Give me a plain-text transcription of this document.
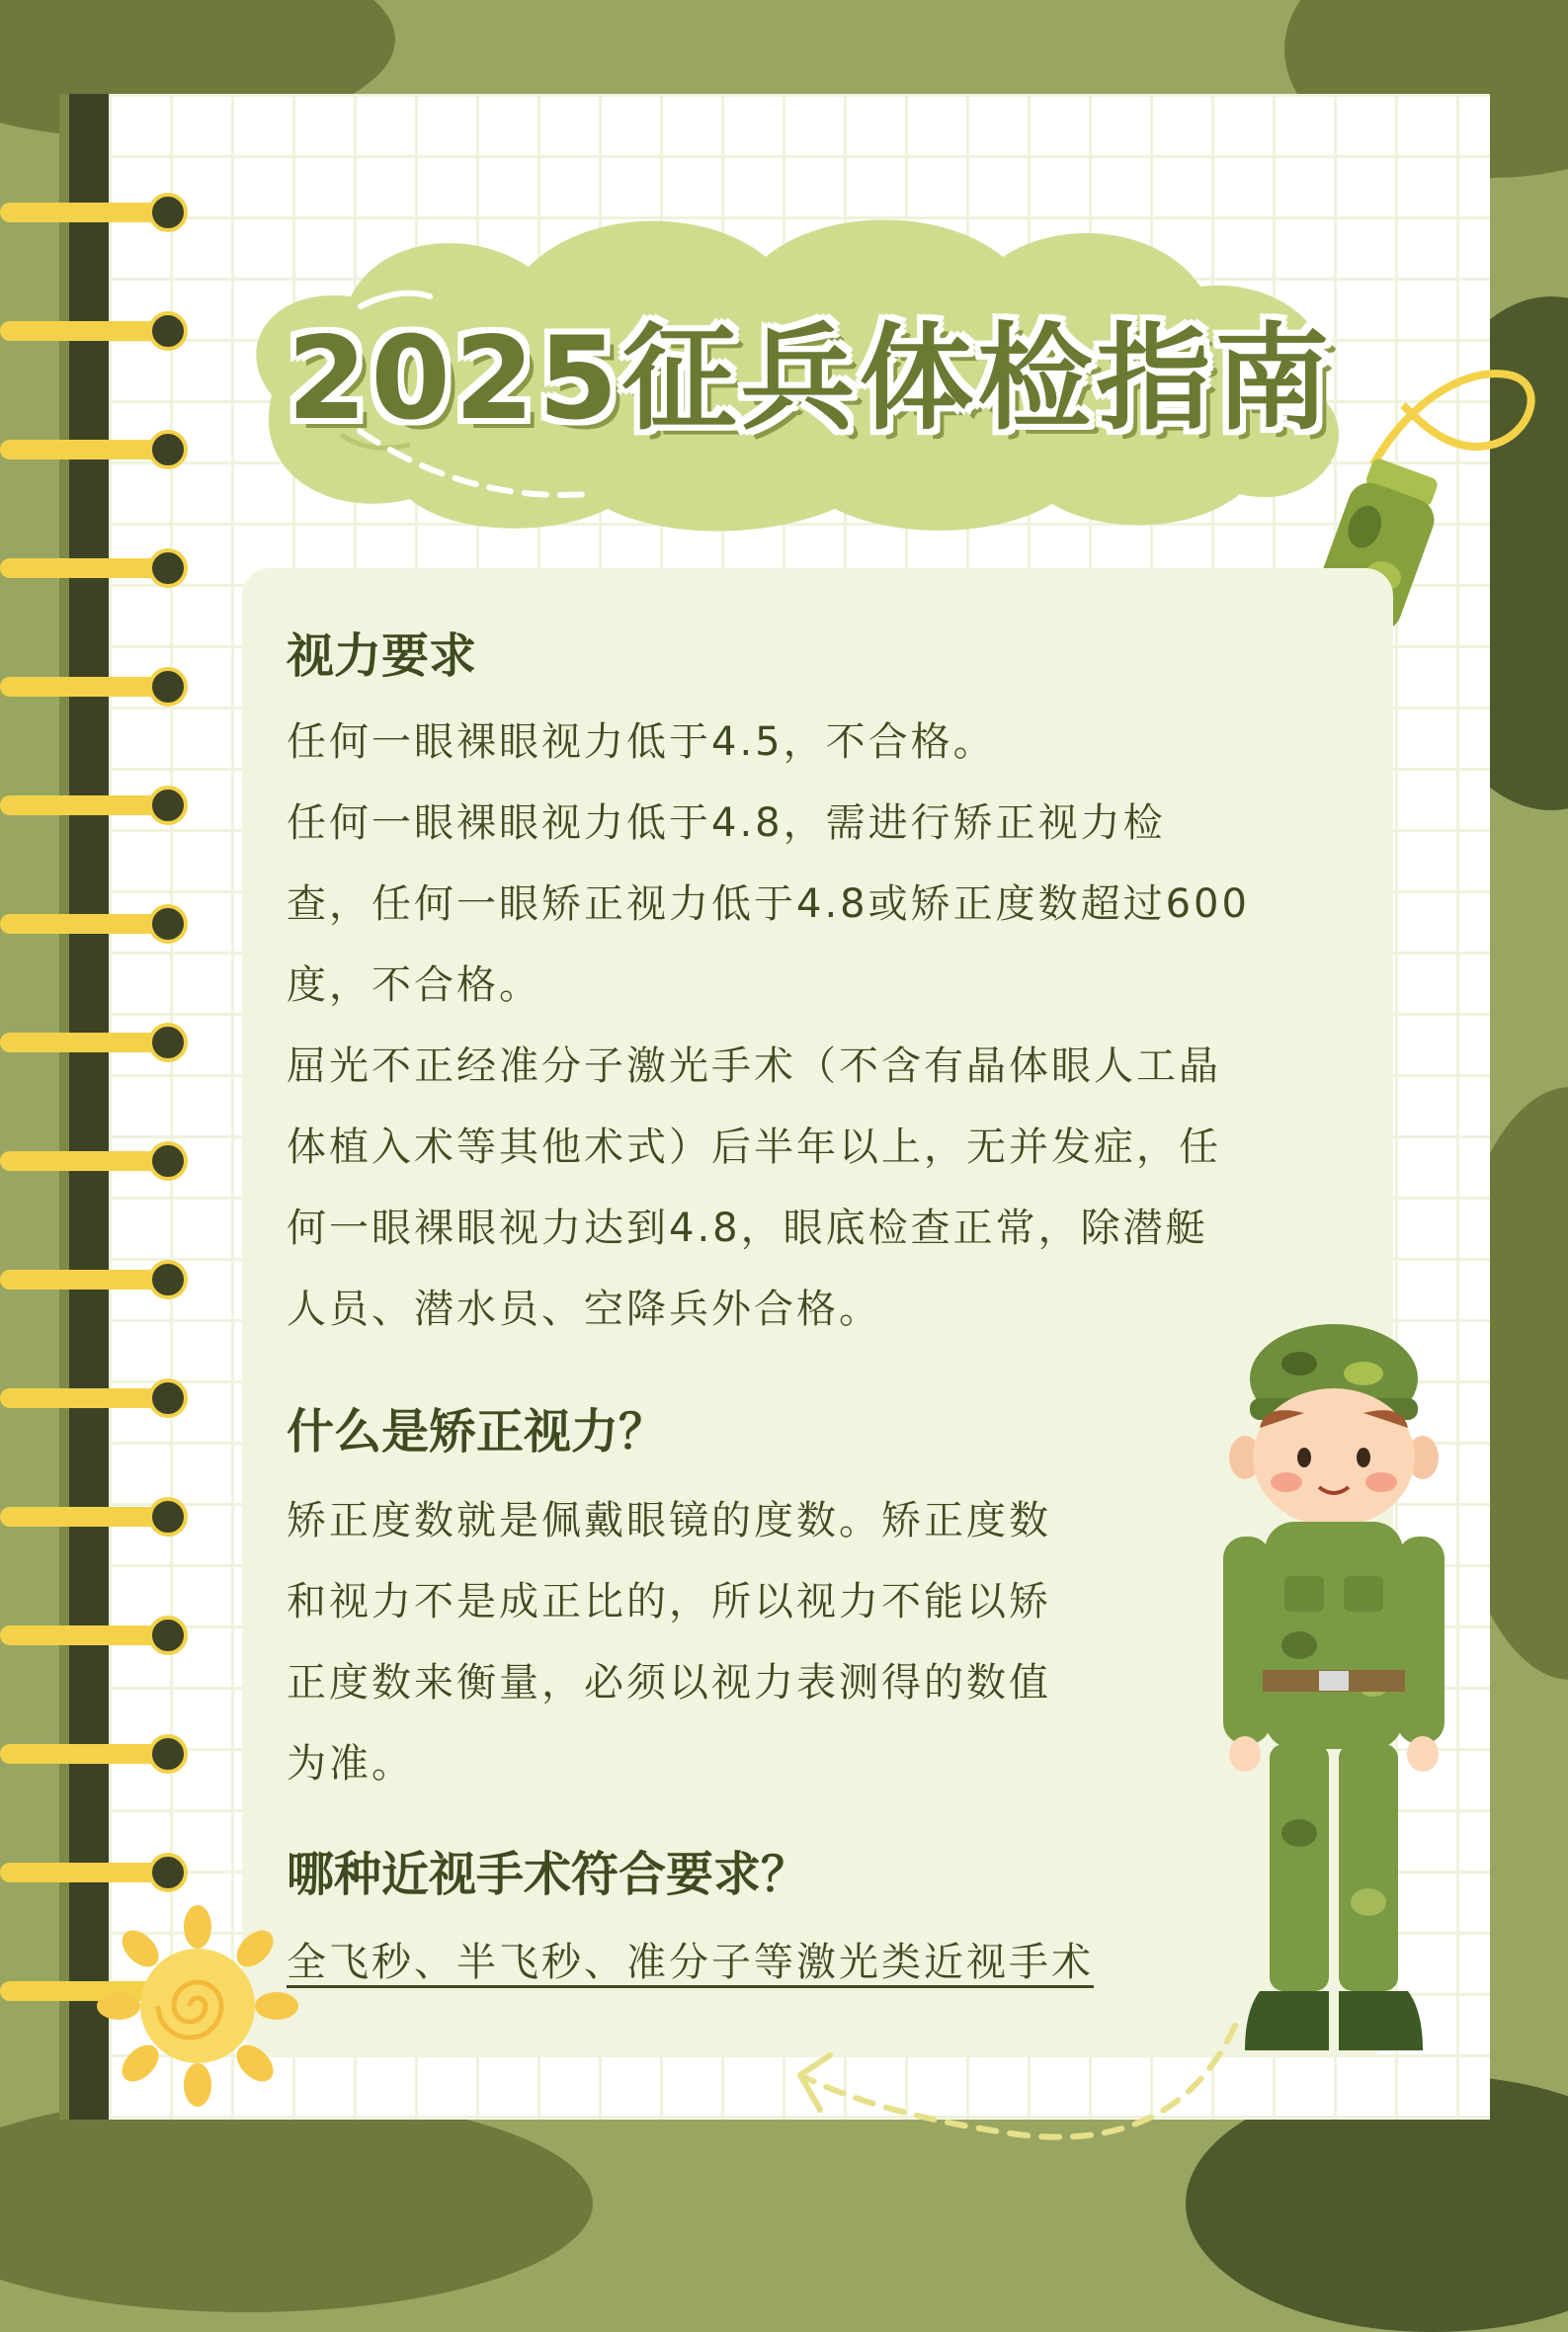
2025征兵体检指南
视力要求

任何一眼裸眼视力低于4.5，不合格。

任何一眼裸眼视力低于4.8，需进行矫正视力检

查，任何一眼矫正视力低于4.8或矫正度数超过600

度，不合格。

屈光不正经准分子激光手术（不含有晶体眼人工晶

体植入术等其他术式）后半年以上，无并发症，任

何一眼裸眼视力达到4.8，眼底检查正常，除潜艇

人员、潜水员、空降兵外合格。

什么是矫正视力？

矫正度数就是佩戴眼镜的度数。矫正度数

和视力不是成正比的，所以视力不能以矫

正度数来衡量，必须以视力表测得的数值

为准。

哪种近视手术符合要求？

全飞秒、半飞秒、准分子等激光类近视手术
